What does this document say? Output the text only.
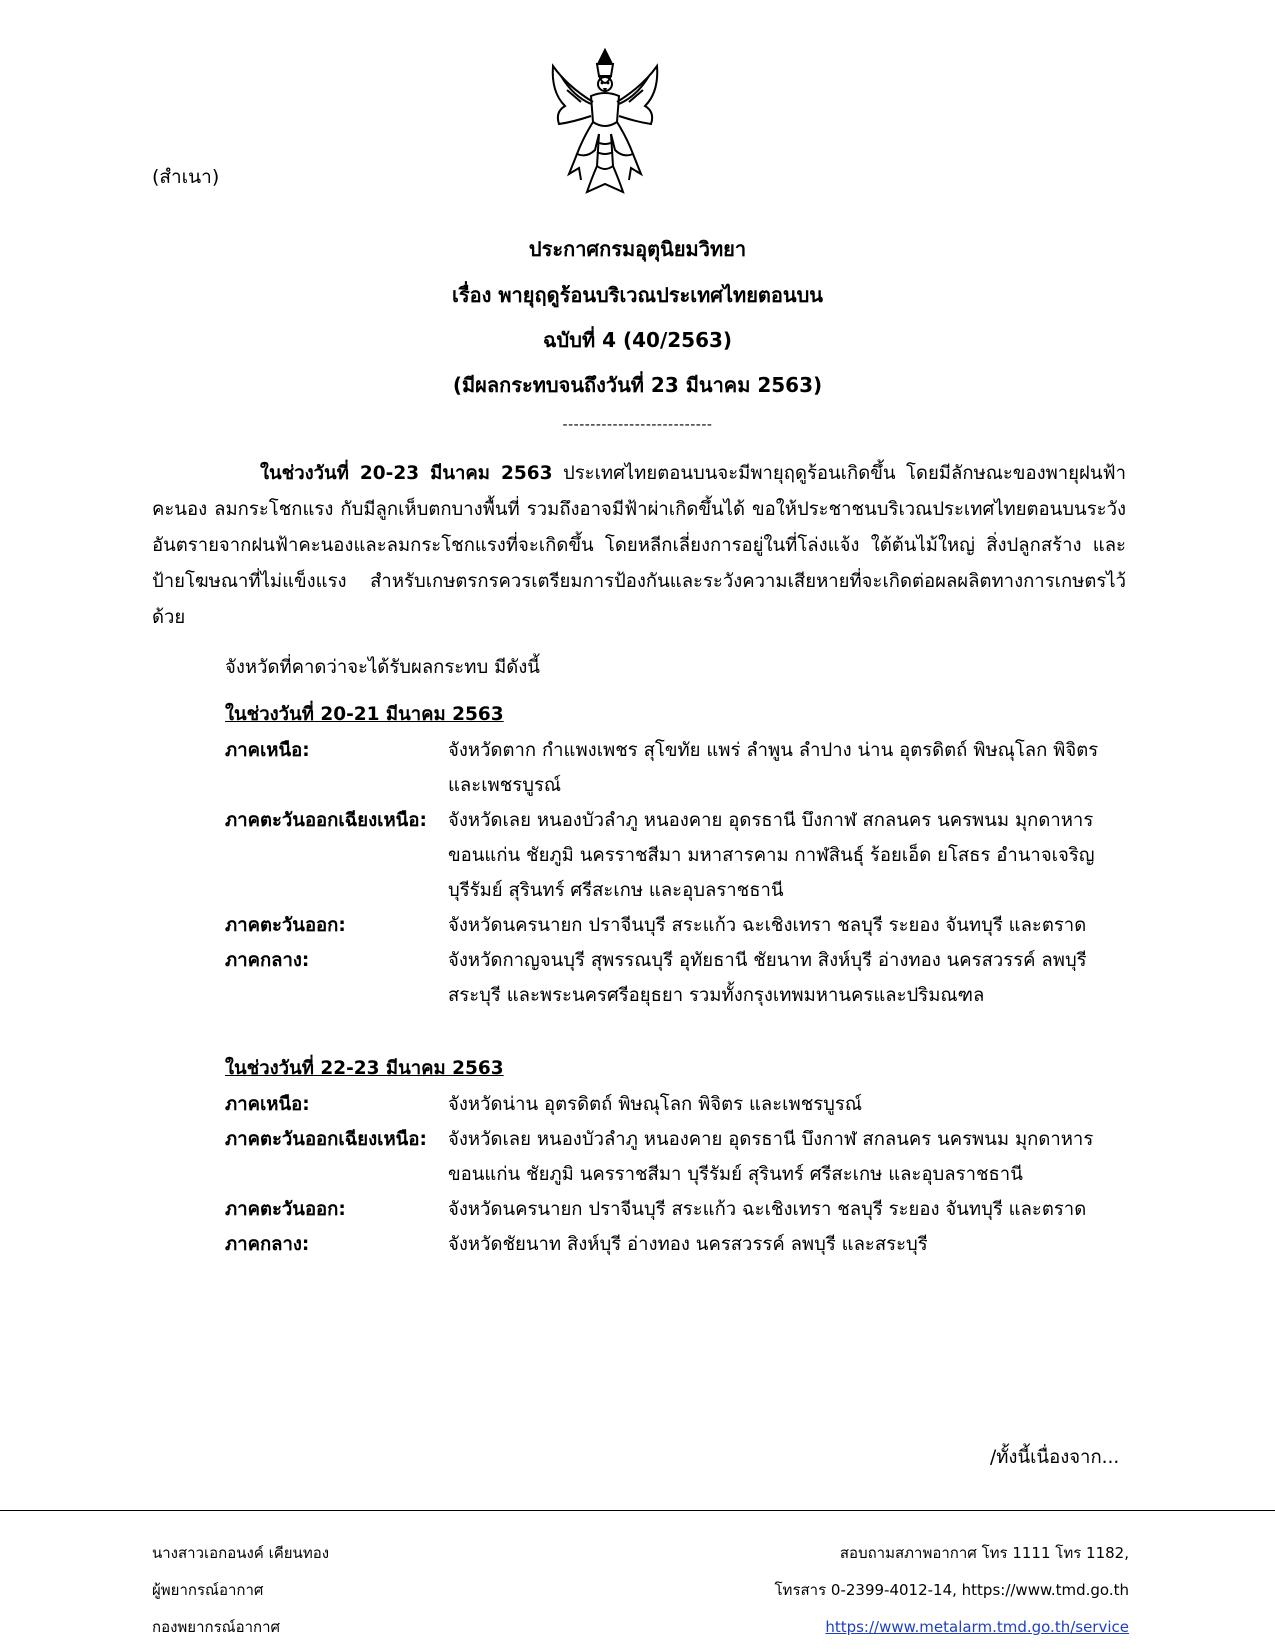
(สำเนา)
ประกาศกรมอุตุนิยมวิทยา
เรื่อง พายุฤดูร้อนบริเวณประเทศไทยตอนบน
ฉบับที่ 4 (40/2563)
(มีผลกระทบจนถึงวันที่ 23 มีนาคม 2563)
---------------------------
ในช่วงวันที่ 20-23 มีนาคม 2563 ประเทศไทยตอนบนจะมีพายุฤดูร้อนเกิดขึ้น โดยมีลักษณะของพายุฝนฟ้าคะนอง ลมกระโชกแรง กับมีลูกเห็บตกบางพื้นที่ รวมถึงอาจมีฟ้าผ่าเกิดขึ้นได้ ขอให้ประชาชนบริเวณประเทศไทยตอนบนระวังอันตรายจากฝนฟ้าคะนองและลมกระโชกแรงที่จะเกิดขึ้น โดยหลีกเลี่ยงการอยู่ในที่โล่งแจ้ง ใต้ต้นไม้ใหญ่ สิ่งปลูกสร้าง และป้ายโฆษณาที่ไม่แข็งแรง สำหรับเกษตรกรควรเตรียมการป้องกันและระวังความเสียหายที่จะเกิดต่อผลผลิตทางการเกษตรไว้ด้วย
จังหวัดที่คาดว่าจะได้รับผลกระทบ มีดังนี้
ในช่วงวันที่ 20-21 มีนาคม 2563
ภาคเหนือ:	จังหวัดตาก กำแพงเพชร สุโขทัย แพร่ ลำพูน ลำปาง น่าน อุตรดิตถ์ พิษณุโลก พิจิตร และเพชรบูรณ์
ภาคตะวันออกเฉียงเหนือ:	จังหวัดเลย หนองบัวลำภู หนองคาย อุดรธานี บึงกาฬ สกลนคร นครพนม มุกดาหาร ขอนแก่น ชัยภูมิ นครราชสีมา มหาสารคาม กาฬสินธุ์ ร้อยเอ็ด ยโสธร อำนาจเจริญ บุรีรัมย์ สุรินทร์ ศรีสะเกษ และอุบลราชธานี
ภาคตะวันออก:	จังหวัดนครนายก ปราจีนบุรี สระแก้ว ฉะเชิงเทรา ชลบุรี ระยอง จันทบุรี และตราด
ภาคกลาง:	จังหวัดกาญจนบุรี สุพรรณบุรี อุทัยธานี ชัยนาท สิงห์บุรี อ่างทอง นครสวรรค์ ลพบุรี สระบุรี และพระนครศรีอยุธยา รวมทั้งกรุงเทพมหานครและปริมณฑล
ในช่วงวันที่ 22-23 มีนาคม 2563
ภาคเหนือ:	จังหวัดน่าน อุตรดิตถ์ พิษณุโลก พิจิตร และเพชรบูรณ์
ภาคตะวันออกเฉียงเหนือ:	จังหวัดเลย หนองบัวลำภู หนองคาย อุดรธานี บึงกาฬ สกลนคร นครพนม มุกดาหาร ขอนแก่น ชัยภูมิ นครราชสีมา บุรีรัมย์ สุรินทร์ ศรีสะเกษ และอุบลราชธานี
ภาคตะวันออก:	จังหวัดนครนายก ปราจีนบุรี สระแก้ว ฉะเชิงเทรา ชลบุรี ระยอง จันทบุรี และตราด
ภาคกลาง:	จังหวัดชัยนาท สิงห์บุรี อ่างทอง นครสวรรค์ ลพบุรี และสระบุรี
/ทั้งนี้เนื่องจาก...
นางสาวเอกอนงค์ เคียนทอง
ผู้พยากรณ์อากาศ
กองพยากรณ์อากาศ
สอบถามสภาพอากาศ โทร 1111 โทร 1182,
โทรสาร 0-2399-4012-14, https://www.tmd.go.th
https://www.metalarm.tmd.go.th/service
